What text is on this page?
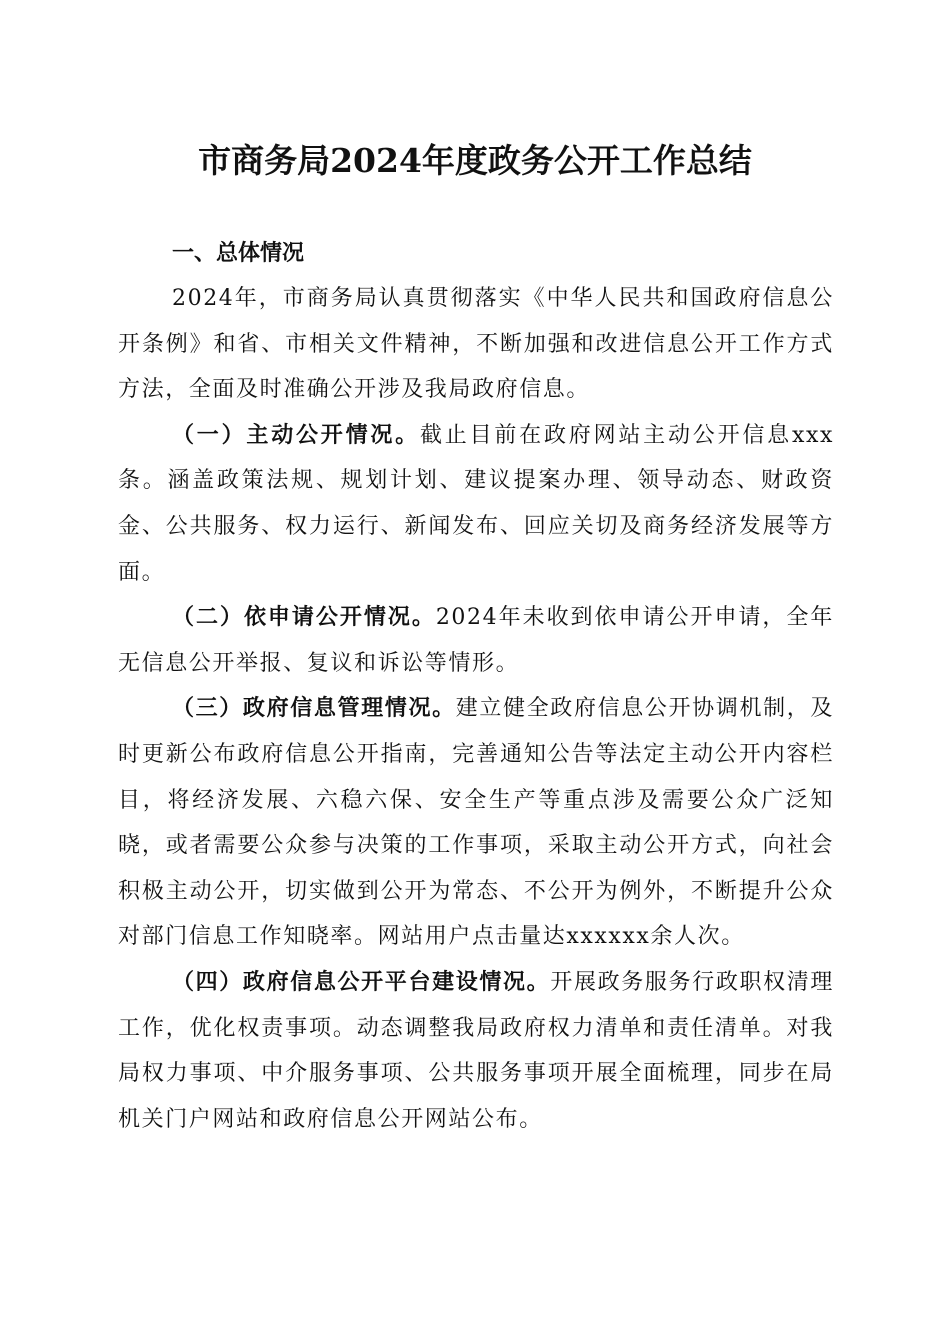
市商务局2024年度政务公开工作总结

一、总体情况

2024年，市商务局认真贯彻落实《中华人民共和国政府信息公开条例》和省、市相关文件精神，不断加强和改进信息公开工作方式方法，全面及时准确公开涉及我局政府信息。

（一）主动公开情况。截止目前在政府网站主动公开信息xxx条。涵盖政策法规、规划计划、建议提案办理、领导动态、财政资金、公共服务、权力运行、新闻发布、回应关切及商务经济发展等方面。

（二）依申请公开情况。2024年未收到依申请公开申请，全年无信息公开举报、复议和诉讼等情形。

（三）政府信息管理情况。建立健全政府信息公开协调机制，及时更新公布政府信息公开指南，完善通知公告等法定主动公开内容栏目，将经济发展、六稳六保、安全生产等重点涉及需要公众广泛知晓，或者需要公众参与决策的工作事项，采取主动公开方式，向社会积极主动公开，切实做到公开为常态、不公开为例外，不断提升公众对部门信息工作知晓率。网站用户点击量达xxxxxx余人次。

（四）政府信息公开平台建设情况。开展政务服务行政职权清理工作，优化权责事项。动态调整我局政府权力清单和责任清单。对我局权力事项、中介服务事项、公共服务事项开展全面梳理，同步在局机关门户网站和政府信息公开网站公布。
